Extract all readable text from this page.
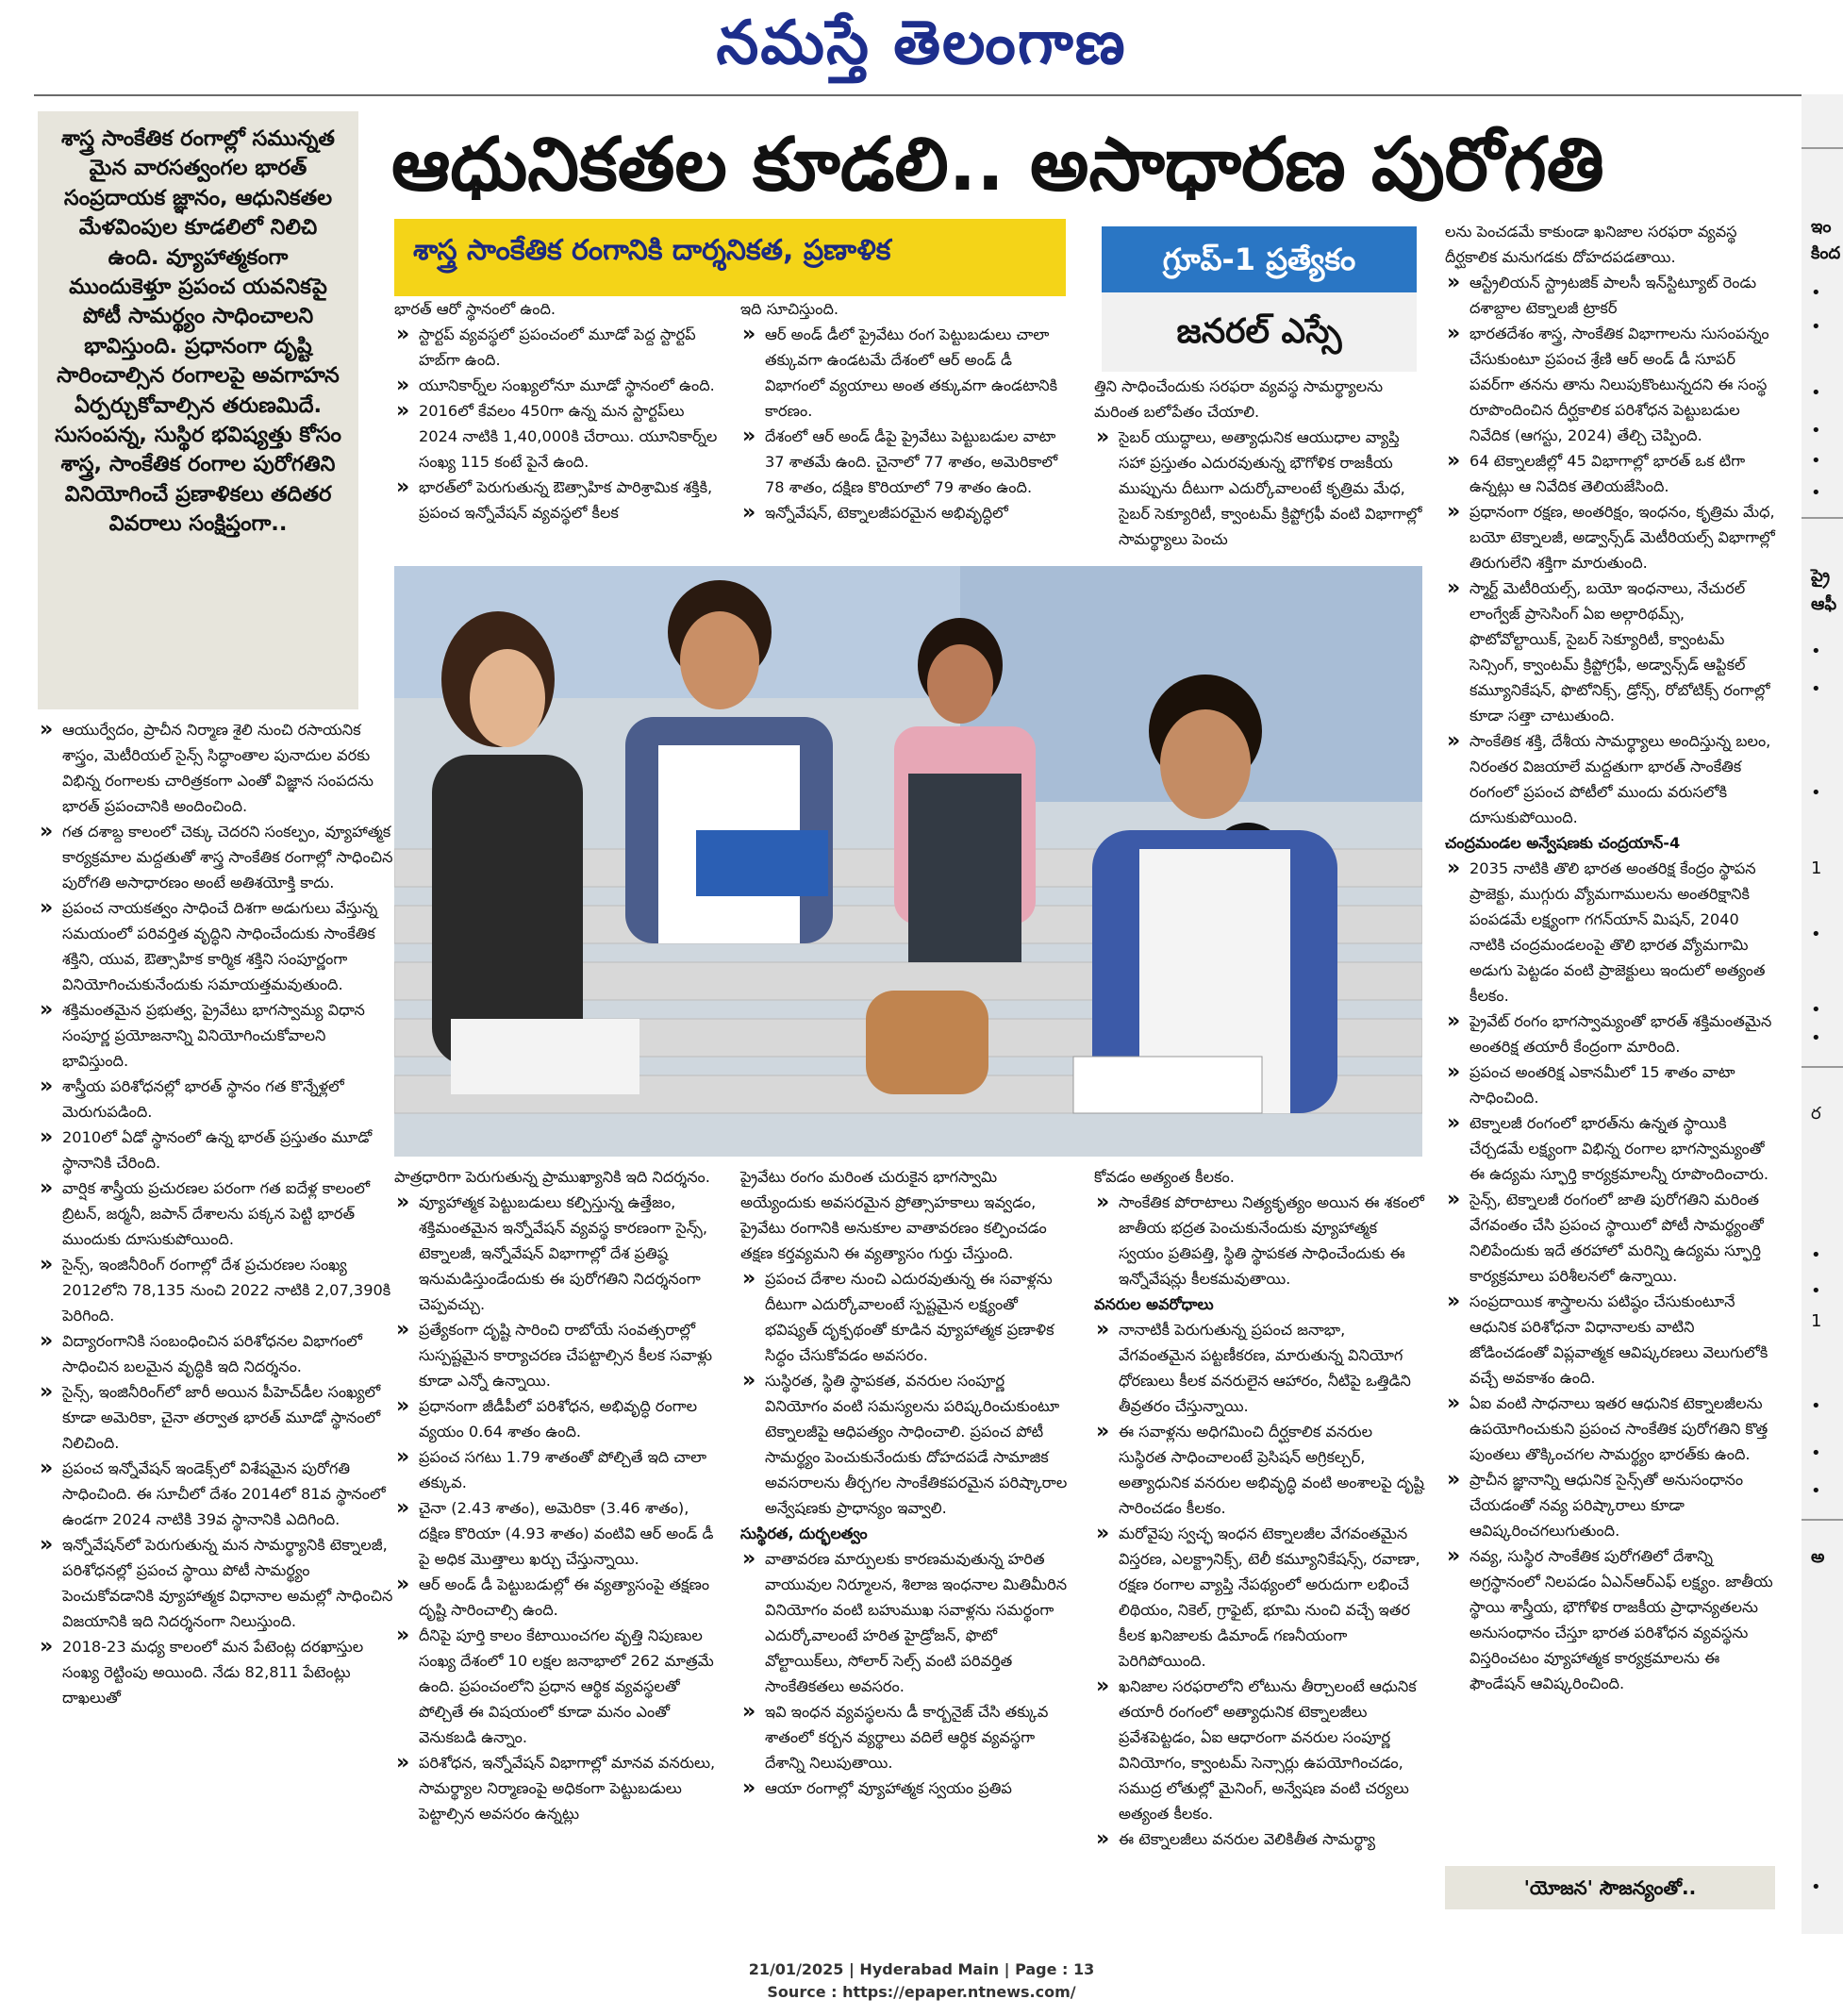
నమస్తే తెలంగాణ
శాస్త్ర సాంకేతిక రంగాల్లో సమున్నత మైన వారసత్వంగల భారత్ సంప్రదాయక జ్ఞానం, ఆధునికతల మేళవింపుల కూడలిలో నిలిచి ఉంది. వ్యూహాత్మకంగా ముందుకెళ్తూ ప్రపంచ యవనికపై పోటీ సామర్థ్యం సాధించాలని భావిస్తుంది. ప్రధానంగా దృష్టి సారించాల్సిన రంగాలపై అవగాహన ఏర్పర్చుకోవాల్సిన తరుణమిదే. సుసంపన్న, సుస్థిర భవిష్యత్తు కోసం శాస్త్ర, సాంకేతిక రంగాల పురోగతిని వినియోగించే ప్రణాళికలు తదితర వివరాలు సంక్షిప్తంగా..
ఆధునికతల కూడలి.. అసాధారణ పురోగతి
శాస్త్ర సాంకేతిక రంగానికి దార్శనికత, ప్రణాళిక	గ్రూప్-1 ప్రత్యేకం
జనరల్ ఎస్సే
» ఆయుర్వేదం, ప్రాచీన నిర్మాణ శైలి నుంచి రసాయనిక శాస్త్రం, మెటీరియల్ సైన్స్ సిద్ధాంతాల పునాదుల వరకు విభిన్న రంగాలకు చారిత్రకంగా ఎంతో విజ్ఞాన సంపదను భారత్ ప్రపంచానికి అందించింది.
» గత దశాబ్ద కాలంలో చెక్కు చెదరని సంకల్పం, వ్యూహాత్మక కార్యక్రమాల మద్దతుతో శాస్త్ర సాంకేతిక రంగాల్లో సాధించిన పురోగతి అసాధారణం అంటే అతిశయోక్తి కాదు.
» ప్రపంచ నాయకత్వం సాధించే దిశగా అడుగులు వేస్తున్న సమయంలో పరివర్తిత వృద్ధిని సాధించేందుకు సాంకేతిక శక్తిని, యువ, ఔత్సాహిక కార్మిక శక్తిని సంపూర్ణంగా వినియోగించుకునేందుకు సమాయత్తమవుతుంది.
» శక్తిమంతమైన ప్రభుత్వ, ప్రైవేటు భాగస్వామ్య విధాన సంపూర్ణ ప్రయోజనాన్ని వినియోగించుకోవాలని భావిస్తుంది.
» శాస్త్రీయ పరిశోధనల్లో భారత్ స్థానం గత కొన్నేళ్లలో మెరుగుపడింది.
» 2010లో ఏడో స్థానంలో ఉన్న భారత్ ప్రస్తుతం మూడో స్థానానికి చేరింది.
» వార్షిక శాస్త్రీయ ప్రచురణల పరంగా గత ఐదేళ్ల కాలంలో బ్రిటన్, జర్మనీ, జపాన్ దేశాలను పక్కన పెట్టి భారత్ ముందుకు దూసుకుపోయింది.
» సైన్స్, ఇంజినీరింగ్ రంగాల్లో దేశ ప్రచురణల సంఖ్య 2012లోని 78,135 నుంచి 2022 నాటికి 2,07,390కి పెరిగింది.
» విద్యారంగానికి సంబంధించిన పరిశోధనల విభాగంలో సాధించిన బలమైన వృద్ధికి ఇది నిదర్శనం.
» సైన్స్, ఇంజినీరింగ్‌లో జారీ అయిన పీహెచ్‌డీల సంఖ్యలో కూడా అమెరికా, చైనా తర్వాత భారత్ మూడో స్థానంలో నిలిచింది.
» ప్రపంచ ఇన్నోవేషన్ ఇండెక్స్‌లో విశేషమైన పురోగతి సాధించింది. ఈ సూచీలో దేశం 2014లో 81వ స్థానంలో ఉండగా 2024 నాటికి 39వ స్థానానికి ఎదిగింది.
» ఇన్నోవేషన్‌లో పెరుగుతున్న మన సామర్థ్యానికి టెక్నాలజీ, పరిశోధనల్లో ప్రపంచ స్థాయి పోటీ సామర్థ్యం పెంచుకోవడానికి వ్యూహాత్మక విధానాల అమల్లో సాధించిన విజయానికి ఇది నిదర్శనంగా నిలుస్తుంది.
» 2018-23 మధ్య కాలంలో మన పేటెంట్ల దరఖాస్తుల సంఖ్య రెట్టింపు అయింది. నేడు 82,811 పేటెంట్లు దాఖలుతో
భారత్ ఆరో స్థానంలో ఉంది.
» స్టార్టప్ వ్యవస్థలో ప్రపంచంలో మూడో పెద్ద స్టార్టప్ హబ్‌గా ఉంది.
» యూనికార్న్‌ల సంఖ్యలోనూ మూడో స్థానంలో ఉంది.
» 2016లో కేవలం 450గా ఉన్న మన స్టార్టప్‌లు 2024 నాటికి 1,40,000కి చేరాయి. యూనికార్న్‌ల సంఖ్య 115 కంటే పైనే ఉంది.
» భారత్‌లో పెరుగుతున్న ఔత్సాహిక పారిశ్రామిక శక్తికి, ప్రపంచ ఇన్నోవేషన్ వ్యవస్థలో కీలక
ఇది సూచిస్తుంది.
» ఆర్ అండ్ డీలో ప్రైవేటు రంగ పెట్టుబడులు చాలా తక్కువగా ఉండటమే దేశంలో ఆర్ అండ్ డీ విభాగంలో వ్యయాలు అంత తక్కువగా ఉండటానికి కారణం.
» దేశంలో ఆర్ అండ్ డీపై ప్రైవేటు పెట్టుబడుల వాటా 37 శాతమే ఉంది. చైనాలో 77 శాతం, అమెరికాలో 78 శాతం, దక్షిణ కొరియాలో 79 శాతం ఉంది.
» ఇన్నోవేషన్, టెక్నాలజీపరమైన అభివృద్ధిలో
త్తిని సాధించేందుకు సరఫరా వ్యవస్థ సామర్థ్యాలను మరింత బలోపేతం చేయాలి.
» సైబర్ యుద్ధాలు, అత్యాధునిక ఆయుధాల వ్యాప్తి సహా ప్రస్తుతం ఎదురవుతున్న భౌగోళిక రాజకీయ ముప్పును దీటుగా ఎదుర్కోవాలంటే కృత్రిమ మేధ, సైబర్ సెక్యూరిటీ, క్వాంటమ్ క్రిప్టోగ్రఫీ వంటి విభాగాల్లో సామర్థ్యాలు పెంచు
పాత్రధారిగా పెరుగుతున్న ప్రాముఖ్యానికి ఇది నిదర్శనం.
» వ్యూహాత్మక పెట్టుబడులు కల్పిస్తున్న ఉత్తేజం, శక్తిమంతమైన ఇన్నోవేషన్ వ్యవస్థ కారణంగా సైన్స్, టెక్నాలజీ, ఇన్నోవేషన్ విభాగాల్లో దేశ ప్రతిష్ఠ ఇనుమడిస్తుండేందుకు ఈ పురోగతిని నిదర్శనంగా చెప్పవచ్చు.
» ప్రత్యేకంగా దృష్టి సారించి రాబోయే సంవత్సరాల్లో సుస్పష్టమైన కార్యాచరణ చేపట్టాల్సిన కీలక సవాళ్లు కూడా ఎన్నో ఉన్నాయి.
» ప్రధానంగా జీడీపీలో పరిశోధన, అభివృద్ధి రంగాల వ్యయం 0.64 శాతం ఉంది.
» ప్రపంచ సగటు 1.79 శాతంతో పోల్చితే ఇది చాలా తక్కువ.
» చైనా (2.43 శాతం), అమెరికా (3.46 శాతం), దక్షిణ కొరియా (4.93 శాతం) వంటివి ఆర్ అండ్ డీ పై అధిక మొత్తాలు ఖర్చు చేస్తున్నాయి.
» ఆర్ అండ్ డీ పెట్టుబడుల్లో ఈ వ్యత్యాసంపై తక్షణం దృష్టి సారించాల్సి ఉంది.
» దీనిపై పూర్తి కాలం కేటాయించగల వృత్తి నిపుణుల సంఖ్య దేశంలో 10 లక్షల జనాభాలో 262 మాత్రమే ఉంది. ప్రపంచంలోని ప్రధాన ఆర్థిక వ్యవస్థలతో పోల్చితే ఈ విషయంలో కూడా మనం ఎంతో వెనుకబడి ఉన్నాం.
» పరిశోధన, ఇన్నోవేషన్ విభాగాల్లో మానవ వనరులు, సామర్థ్యాల నిర్మాణంపై అధికంగా పెట్టుబడులు పెట్టాల్సిన అవసరం ఉన్నట్లు
ప్రైవేటు రంగం మరింత చురుకైన భాగస్వామి అయ్యేందుకు అవసరమైన ప్రోత్సాహకాలు ఇవ్వడం, ప్రైవేటు రంగానికి అనుకూల వాతావరణం కల్పించడం తక్షణ కర్తవ్యమని ఈ వ్యత్యాసం గుర్తు చేస్తుంది.
» ప్రపంచ దేశాల నుంచి ఎదురవుతున్న ఈ సవాళ్లను దీటుగా ఎదుర్కోవాలంటే స్పష్టమైన లక్ష్యంతో భవిష్యత్ దృక్పథంతో కూడిన వ్యూహాత్మక ప్రణాళిక సిద్ధం చేసుకోవడం అవసరం.
» సుస్థిరత, స్థితి స్థాపకత, వనరుల సంపూర్ణ వినియోగం వంటి సమస్యలను పరిష్కరించుకుంటూ టెక్నాలజీపై ఆధిపత్యం సాధించాలి. ప్రపంచ పోటీ సామర్థ్యం పెంచుకునేందుకు దోహదపడే సామాజిక అవసరాలను తీర్చగల సాంకేతికపరమైన పరిష్కారాల అన్వేషణకు ప్రాధాన్యం ఇవ్వాలి.
సుస్థిరత, దుర్భలత్వం
» వాతావరణ మార్పులకు కారణమవుతున్న హరిత వాయువుల నిర్మూలన, శిలాజ ఇంధనాల మితిమీరిన వినియోగం వంటి బహుముఖ సవాళ్లను సమర్థంగా ఎదుర్కోవాలంటే హరిత హైడ్రోజన్, ఫొటో వోల్టాయిక్‌లు, సోలార్ సెల్స్ వంటి పరివర్తిత సాంకేతికతలు అవసరం.
» ఇవి ఇంధన వ్యవస్థలను డీ కార్బనైజ్ చేసి తక్కువ శాతంలో కర్బన వ్యర్థాలు వదిలే ఆర్థిక వ్యవస్థగా దేశాన్ని నిలుపుతాయి.
» ఆయా రంగాల్లో వ్యూహాత్మక స్వయం ప్రతిప
కోవడం అత్యంత కీలకం.
» సాంకేతిక పోరాటాలు నిత్యకృత్యం అయిన ఈ శకంలో జాతీయ భద్రత పెంచుకునేందుకు వ్యూహాత్మక స్వయం ప్రతిపత్తి, స్థితి స్థాపకత సాధించేందుకు ఈ ఇన్నోవేషన్లు కీలకమవుతాయి.
వనరుల అవరోధాలు
» నానాటికీ పెరుగుతున్న ప్రపంచ జనాభా, వేగవంతమైన పట్టణీకరణ, మారుతున్న వినియోగ ధోరణులు కీలక వనరులైన ఆహారం, నీటిపై ఒత్తిడిని తీవ్రతరం చేస్తున్నాయి.
» ఈ సవాళ్లను అధిగమించి దీర్ఘకాలిక వనరుల సుస్థిరత సాధించాలంటే ప్రెసిషన్ అగ్రికల్చర్, అత్యాధునిక వనరుల అభివృద్ధి వంటి అంశాలపై దృష్టి సారించడం కీలకం.
» మరోవైపు స్వచ్ఛ ఇంధన టెక్నాలజీల వేగవంతమైన విస్తరణ, ఎలక్ట్రానిక్స్, టెలీ కమ్యూనికేషన్స్, రవాణా, రక్షణ రంగాల వ్యాప్తి నేపథ్యంలో అరుదుగా లభించే లిథియం, నికెల్, గ్రాఫైట్, భూమి నుంచి వచ్చే ఇతర కీలక ఖనిజాలకు డిమాండ్ గణనీయంగా పెరిగిపోయింది.
» ఖనిజాల సరఫరాలోని లోటును తీర్చాలంటే ఆధునిక తయారీ రంగంలో అత్యాధునిక టెక్నాలజీలు ప్రవేశపెట్టడం, ఏఐ ఆధారంగా వనరుల సంపూర్ణ వినియోగం, క్వాంటమ్ సెన్సార్లు ఉపయోగించడం, సముద్ర లోతుల్లో మైనింగ్, అన్వేషణ వంటి చర్యలు అత్యంత కీలకం.
» ఈ టెక్నాలజీలు వనరుల వెలికితీత సామర్థ్యా
లను పెంచడమే కాకుండా ఖనిజాల సరఫరా వ్యవస్థ దీర్ఘకాలిక మనుగడకు దోహదపడతాయి.
» ఆస్ట్రేలియన్ స్ట్రాటజిక్ పాలసీ ఇన్‌స్టిట్యూట్ రెండు దశాబ్దాల టెక్నాలజీ ట్రాకర్
» భారతదేశం శాస్త్ర, సాంకేతిక విభాగాలను సుసంపన్నం చేసుకుంటూ ప్రపంచ శ్రేణి ఆర్ అండ్ డీ సూపర్ పవర్‌గా తనను తాను నిలుపుకొంటున్నదని ఈ సంస్థ రూపొందించిన దీర్ఘకాలిక పరిశోధన పెట్టుబడుల నివేదిక (ఆగస్టు, 2024) తేల్చి చెప్పింది.
» 64 టెక్నాలజీల్లో 45 విభాగాల్లో భారత్ ఒక టిగా ఉన్నట్లు ఆ నివేదిక తెలియజేసింది.
» ప్రధానంగా రక్షణ, అంతరిక్షం, ఇంధనం, కృత్రిమ మేధ, బయో టెక్నాలజీ, అడ్వాన్స్‌డ్ మెటీరియల్స్ విభాగాల్లో తిరుగులేని శక్తిగా మారుతుంది.
» స్మార్ట్ మెటీరియల్స్, బయో ఇంధనాలు, నేచురల్ లాంగ్వేజ్ ప్రాసెసింగ్ ఏఐ అల్గారిథమ్స్, ఫొటోవోల్టాయిక్, సైబర్ సెక్యూరిటీ, క్వాంటమ్ సెన్సింగ్, క్వాంటమ్ క్రిప్టోగ్రఫీ, అడ్వాన్స్‌డ్ ఆప్టికల్ కమ్యూనికేషన్, ఫొటోనిక్స్, డ్రోన్స్, రోబోటిక్స్ రంగాల్లో కూడా సత్తా చాటుతుంది.
» సాంకేతిక శక్తి, దేశీయ సామర్థ్యాలు అందిస్తున్న బలం, నిరంతర విజయాలే మద్దతుగా భారత్ సాంకేతిక రంగంలో ప్రపంచ పోటీలో ముందు వరుసలోకి దూసుకుపోయింది.
చంద్రమండల అన్వేషణకు చంద్రయాన్-4
» 2035 నాటికి తొలి భారత అంతరిక్ష కేంద్రం స్థాపన ప్రాజెక్టు, ముగ్గురు వ్యోమగాములను అంతరిక్షానికి పంపడమే లక్ష్యంగా గగన్‌యాన్ మిషన్, 2040 నాటికి చంద్రమండలంపై తొలి భారత వ్యోమగామి అడుగు పెట్టడం వంటి ప్రాజెక్టులు ఇందులో అత్యంత కీలకం.
» ప్రైవేట్ రంగం భాగస్వామ్యంతో భారత్ శక్తిమంతమైన అంతరిక్ష తయారీ కేంద్రంగా మారింది.
» ప్రపంచ అంతరిక్ష ఎకానమీలో 15 శాతం వాటా సాధించింది.
» టెక్నాలజీ రంగంలో భారత్‌ను ఉన్నత స్థాయికి చేర్చడమే లక్ష్యంగా విభిన్న రంగాల భాగస్వామ్యంతో ఈ ఉద్యమ స్ఫూర్తి కార్యక్రమాలన్నీ రూపొందించారు.
» సైన్స్, టెక్నాలజీ రంగంలో జాతి పురోగతిని మరింత వేగవంతం చేసి ప్రపంచ స్థాయిలో పోటీ సామర్థ్యంతో నిలిపేందుకు ఇదే తరహాలో మరిన్ని ఉద్యమ స్ఫూర్తి కార్యక్రమాలు పరిశీలనలో ఉన్నాయి.
» సంప్రదాయిక శాస్త్రాలను పటిష్ఠం చేసుకుంటూనే ఆధునిక పరిశోధనా విధానాలకు వాటిని జోడించడంతో విప్లవాత్మక ఆవిష్కరణలు వెలుగులోకి వచ్చే అవకాశం ఉంది.
» ఏఐ వంటి సాధనాలు ఇతర ఆధునిక టెక్నాలజీలను ఉపయోగించుకుని ప్రపంచ సాంకేతిక పురోగతిని కొత్త పుంతలు తొక్కించగల సామర్థ్యం భారత్‌కు ఉంది.
» ప్రాచీన జ్ఞానాన్ని ఆధునిక సైన్స్‌తో అనుసంధానం చేయడంతో నవ్య పరిష్కారాలు కూడా ఆవిష్కరించగలుగుతుంది.
» నవ్య, సుస్థిర సాంకేతిక పురోగతిలో దేశాన్ని అగ్రస్థానంలో నిలపడం ఏఎన్‌ఆర్‌ఎఫ్ లక్ష్యం. జాతీయ స్థాయి శాస్త్రీయ, భౌగోళిక రాజకీయ ప్రాధాన్యతలను అనుసంధానం చేస్తూ భారత పరిశోధన వ్యవస్థను విస్తరించటం వ్యూహాత్మక కార్యక్రమాలను ఈ ఫౌండేషన్ ఆవిష్కరించింది.
'యోజన' సౌజన్యంతో..
ఇం
కింద
•
•
•
•
•
•
ప్రై
ఆఫీ
•
•
•
1
•
•
•
ర
•
•
1
•
•
•
అ
•
21/01/2025 | Hyderabad Main | Page : 13
Source : https://epaper.ntnews.com/
